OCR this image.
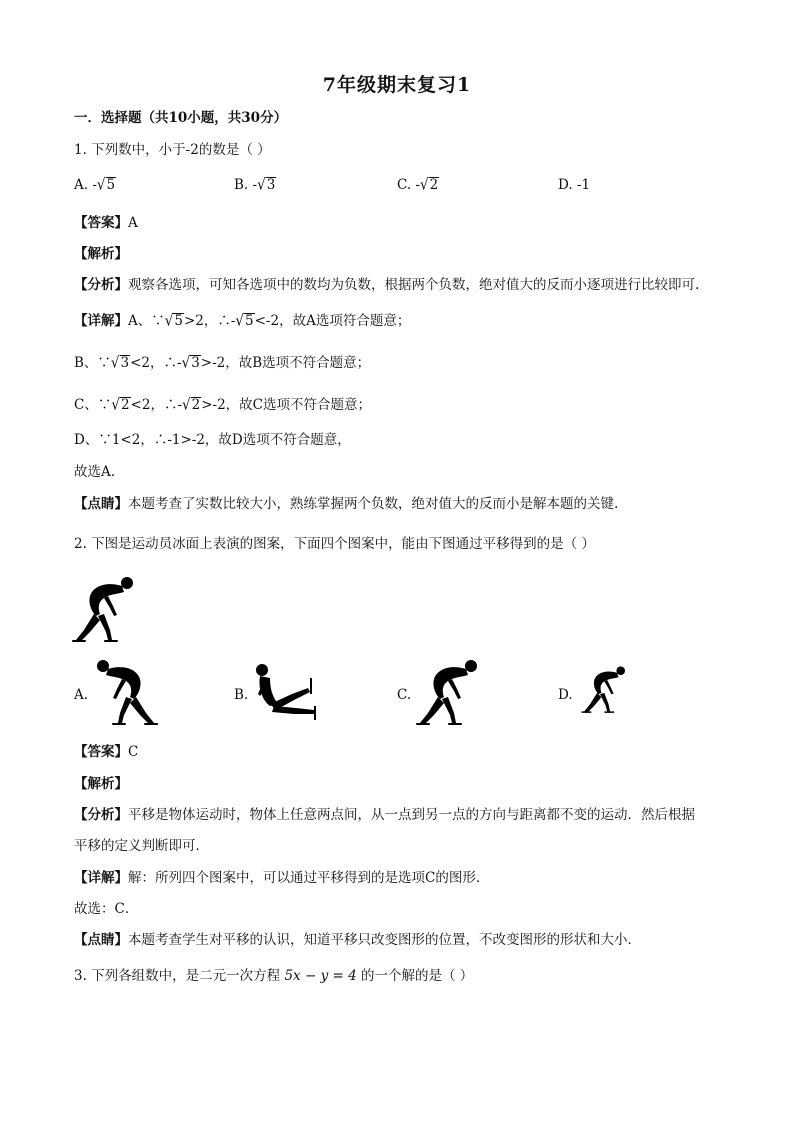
7年级期末复习1
一．选择题（共10小题，共30分）
1. 下列数中，小于-2的数是（ ）
A. -√5	B. -√3	C. -√2	D. -1
【答案】A
【解析】
【分析】观察各选项，可知各选项中的数均为负数，根据两个负数，绝对值大的反而小逐项进行比较即可.
【详解】A、∵√5>2，∴-√5<-2，故A选项符合题意；
B、∵√3<2，∴-√3>-2，故B选项不符合题意；
C、∵√2<2，∴-√2>-2，故C选项不符合题意；
D、∵1<2，∴-1>-2，故D选项不符合题意，
故选A.
【点睛】本题考查了实数比较大小，熟练掌握两个负数，绝对值大的反而小是解本题的关键.
2. 下图是运动员冰面上表演的图案，下面四个图案中，能由下图通过平移得到的是（ ）
A.	B.	C.	D.
【答案】C
【解析】
【分析】平移是物体运动时，物体上任意两点间，从一点到另一点的方向与距离都不变的运动．然后根据
平移的定义判断即可．
【详解】解：所列四个图案中，可以通过平移得到的是选项C的图形．
故选：C．
【点睛】本题考查学生对平移的认识，知道平移只改变图形的位置，不改变图形的形状和大小．
3. 下列各组数中，是二元一次方程 5x − y = 4 的一个解的是（ ）
